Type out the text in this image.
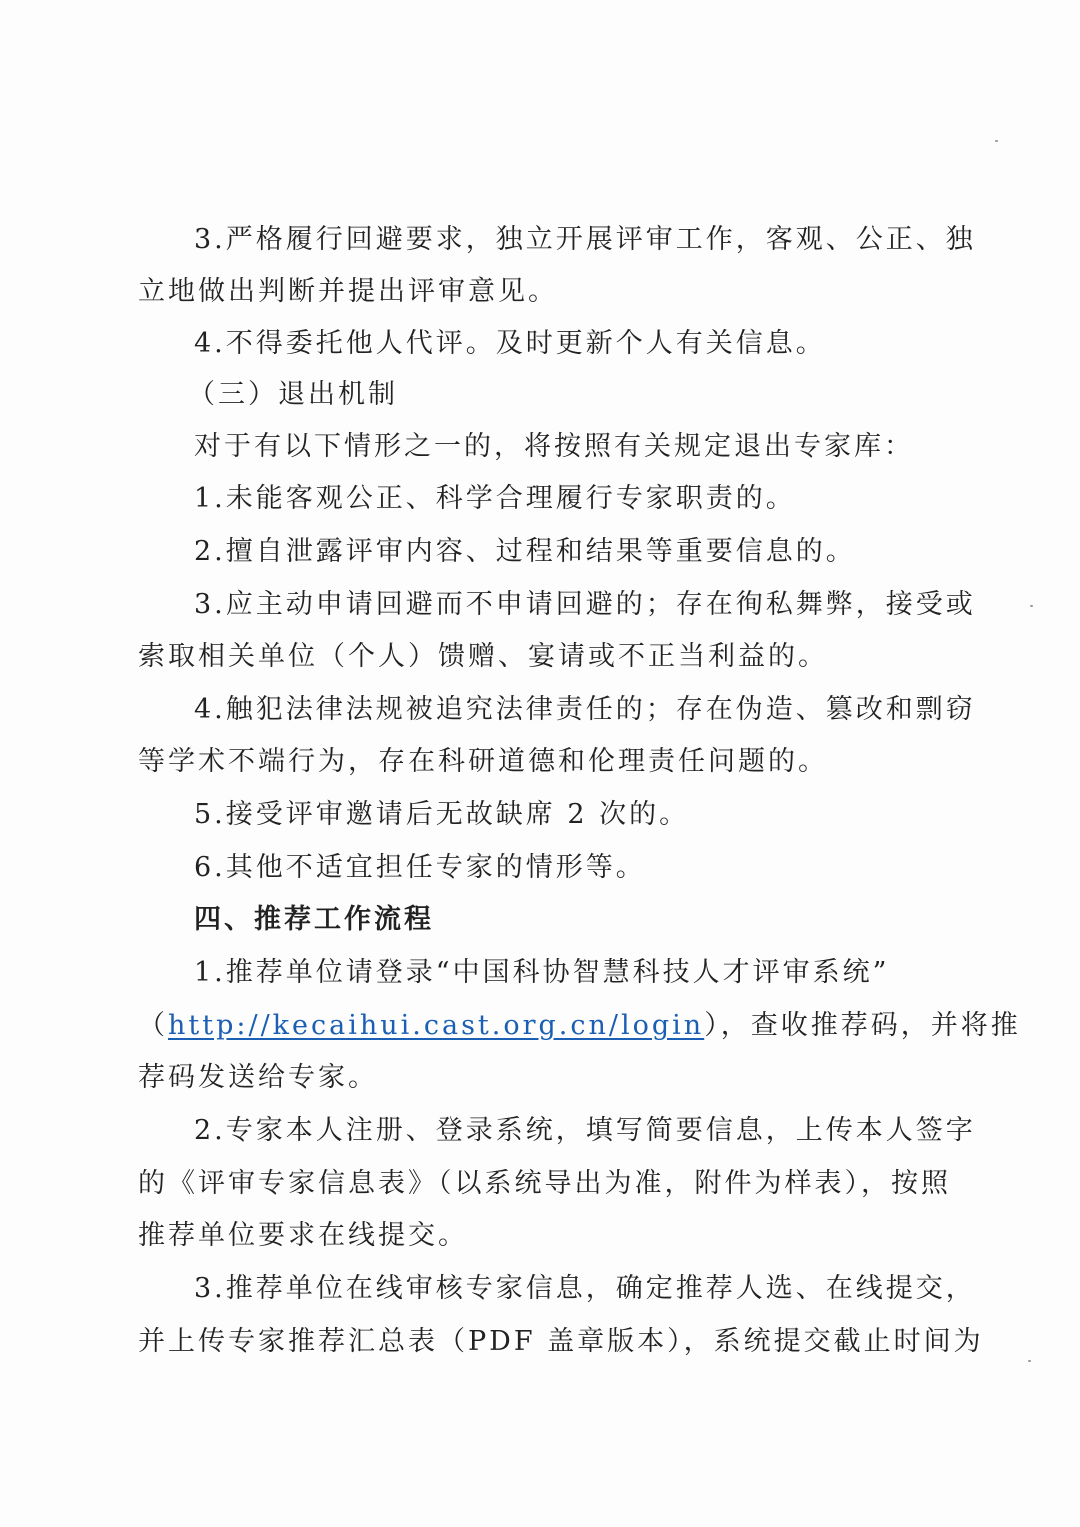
3.严格履行回避要求，独立开展评审工作，客观、公正、独
立地做出判断并提出评审意见。
4.不得委托他人代评。及时更新个人有关信息。
（三）退出机制
对于有以下情形之一的，将按照有关规定退出专家库：
1.未能客观公正、科学合理履行专家职责的。
2.擅自泄露评审内容、过程和结果等重要信息的。
3.应主动申请回避而不申请回避的；存在徇私舞弊，接受或
索取相关单位（个人）馈赠、宴请或不正当利益的。
4.触犯法律法规被追究法律责任的；存在伪造、篡改和剽窃
等学术不端行为，存在科研道德和伦理责任问题的。
5.接受评审邀请后无故缺席 2 次的。
6.其他不适宜担任专家的情形等。
四、推荐工作流程
1.推荐单位请登录“中国科协智慧科技人才评审系统”
（http://kecaihui.cast.org.cn/login），查收推荐码，并将推
荐码发送给专家。
2.专家本人注册、登录系统，填写简要信息，上传本人签字
的《评审专家信息表》（以系统导出为准，附件为样表），按照
推荐单位要求在线提交。
3.推荐单位在线审核专家信息，确定推荐人选、在线提交，
并上传专家推荐汇总表（PDF 盖章版本），系统提交截止时间为
